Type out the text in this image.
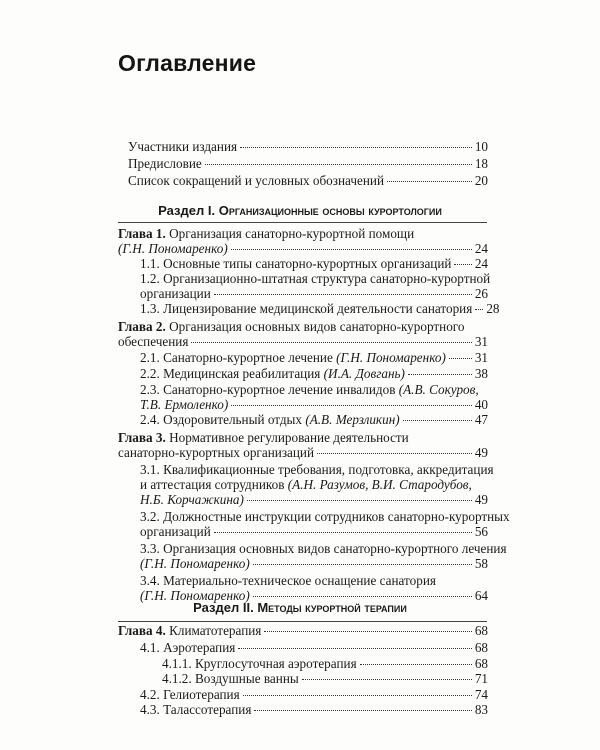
Оглавление
Участники издания	10
Предисловие	18
Список сокращений и условных обозначений	20
Раздел I. Организационные основы курортологии
Глава 1. Организация санаторно-курортной помощи
(Г.Н. Пономаренко)	24
1.1. Основные типы санаторно-курортных организаций 24
1.2. Организационно-штатная структура санаторно-курортной
организации	26
1.3. Лицензирование медицинской деятельности санатория 28
Глава 2. Организация основных видов санаторно-курортного
обеспечения	31
2.1. Санаторно-курортное лечение (Г.Н. Пономаренко) 31
2.2. Медицинская реабилитация (И.А. Довгань)	38
2.3. Санаторно-курортное лечение инвалидов (А.В. Сокуров,
Т.В. Ермоленко)	40
2.4. Оздоровительный отдых (А.В. Мерзликин)	47
Глава 3. Нормативное регулирование деятельности
санаторно-курортных организаций	49
3.1. Квалификационные требования, подготовка, аккредитация
и аттестация сотрудников (А.Н. Разумов, В.И. Стародубов,
Н.Б. Корчажкина)	49
3.2. Должностные инструкции сотрудников санаторно-курортных
организаций	56
3.3. Организация основных видов санаторно-курортного лечения
(Г.Н. Пономаренко)	58
3.4. Материально-техническое оснащение санатория
(Г.Н. Пономаренко)	64
Раздел II. Методы курортной терапии
Глава 4. Климатотерапия	68
4.1. Аэротерапия	68
4.1.1. Круглосуточная аэротерапия	68
4.1.2. Воздушные ванны	71
4.2. Гелиотерапия	74
4.3. Талассотерапия	83
